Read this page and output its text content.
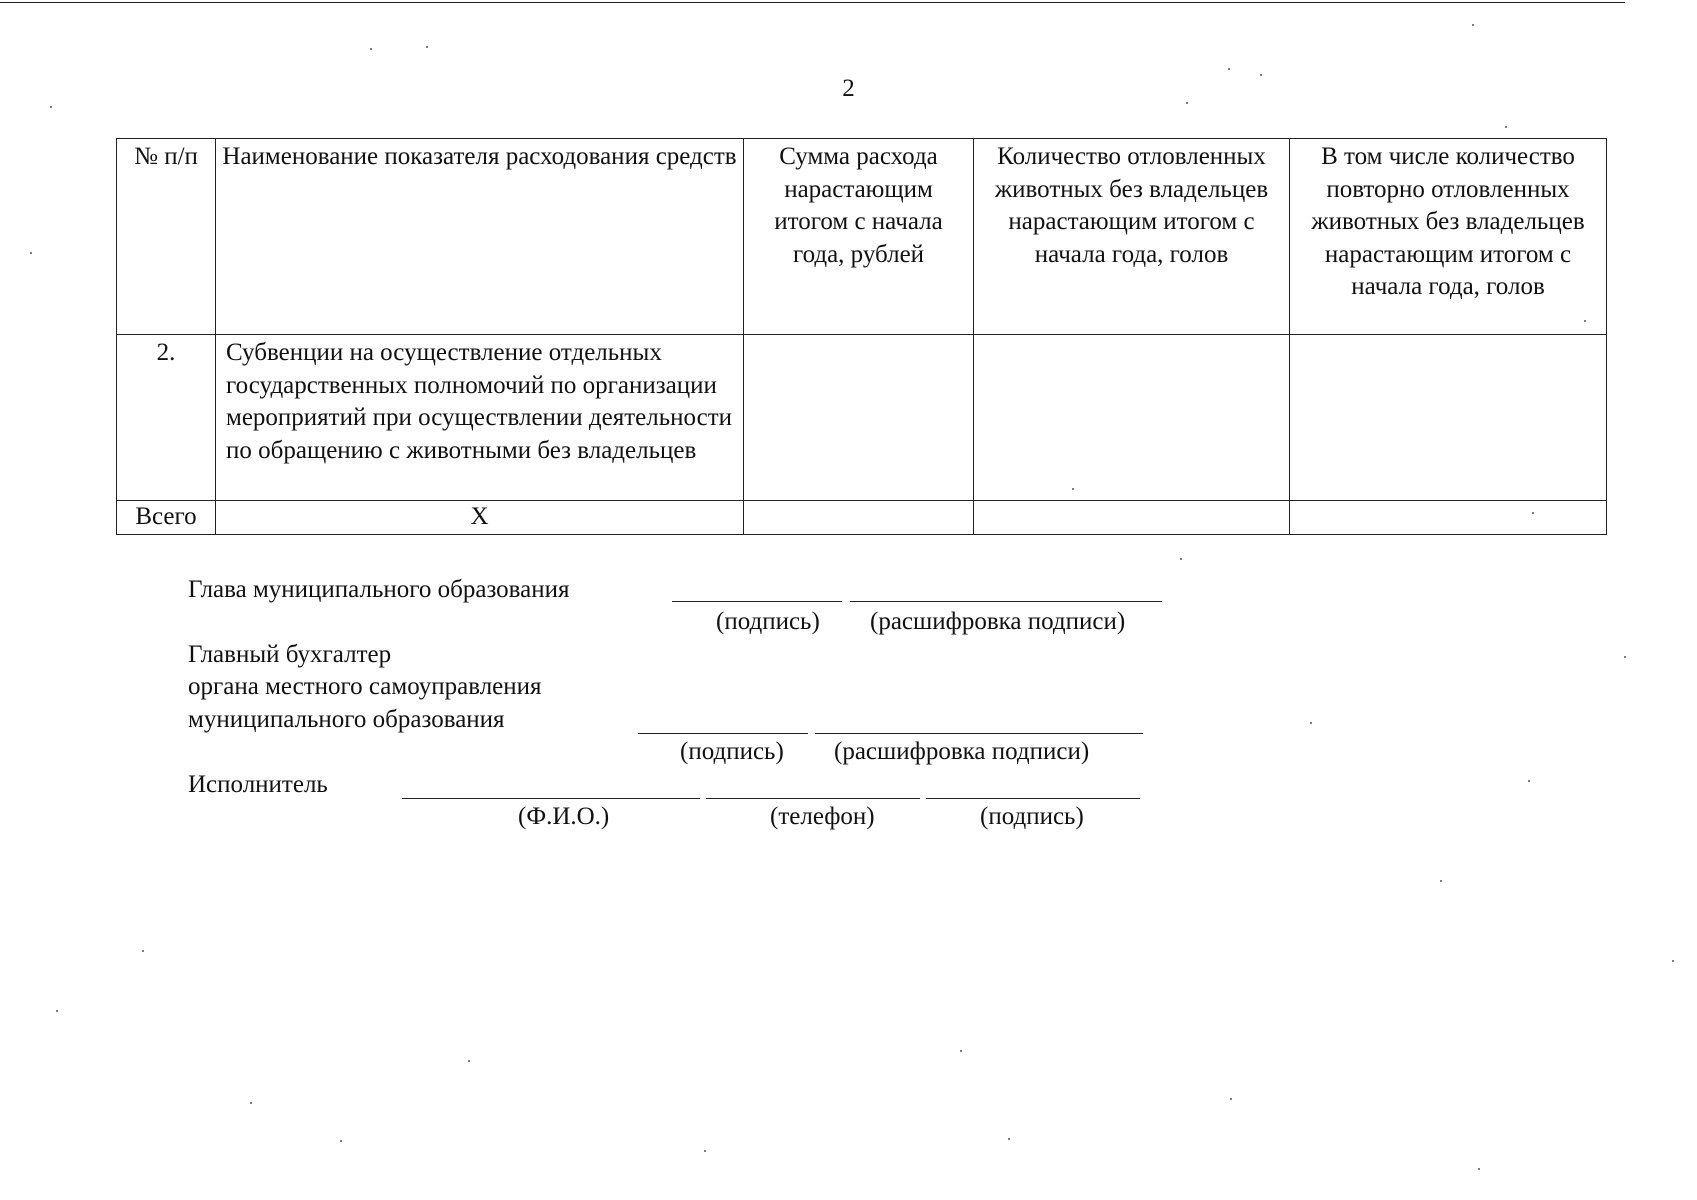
2
№ п/п	Наименование показателя расходования средств	Сумма расхода нарастающим итогом с начала года, рублей	Количество отловленных животных без владельцев нарастающим итогом с начала года, голов	В том числе количество повторно отловленных животных без владельцев нарастающим итогом с начала года, голов
2.	Субвенции на осуществление отдельных государственных полномочий по организации мероприятий при осуществлении деятельности по обращению с животными без владельцев			
Всего	Х			
Глава муниципального образования
(подпись) (расшифровка подписи)
Главный бухгалтер
органа местного самоуправления
муниципального образования
(подпись) (расшифровка подписи)
Исполнитель
(Ф.И.О.)	(телефон)	(подпись)
